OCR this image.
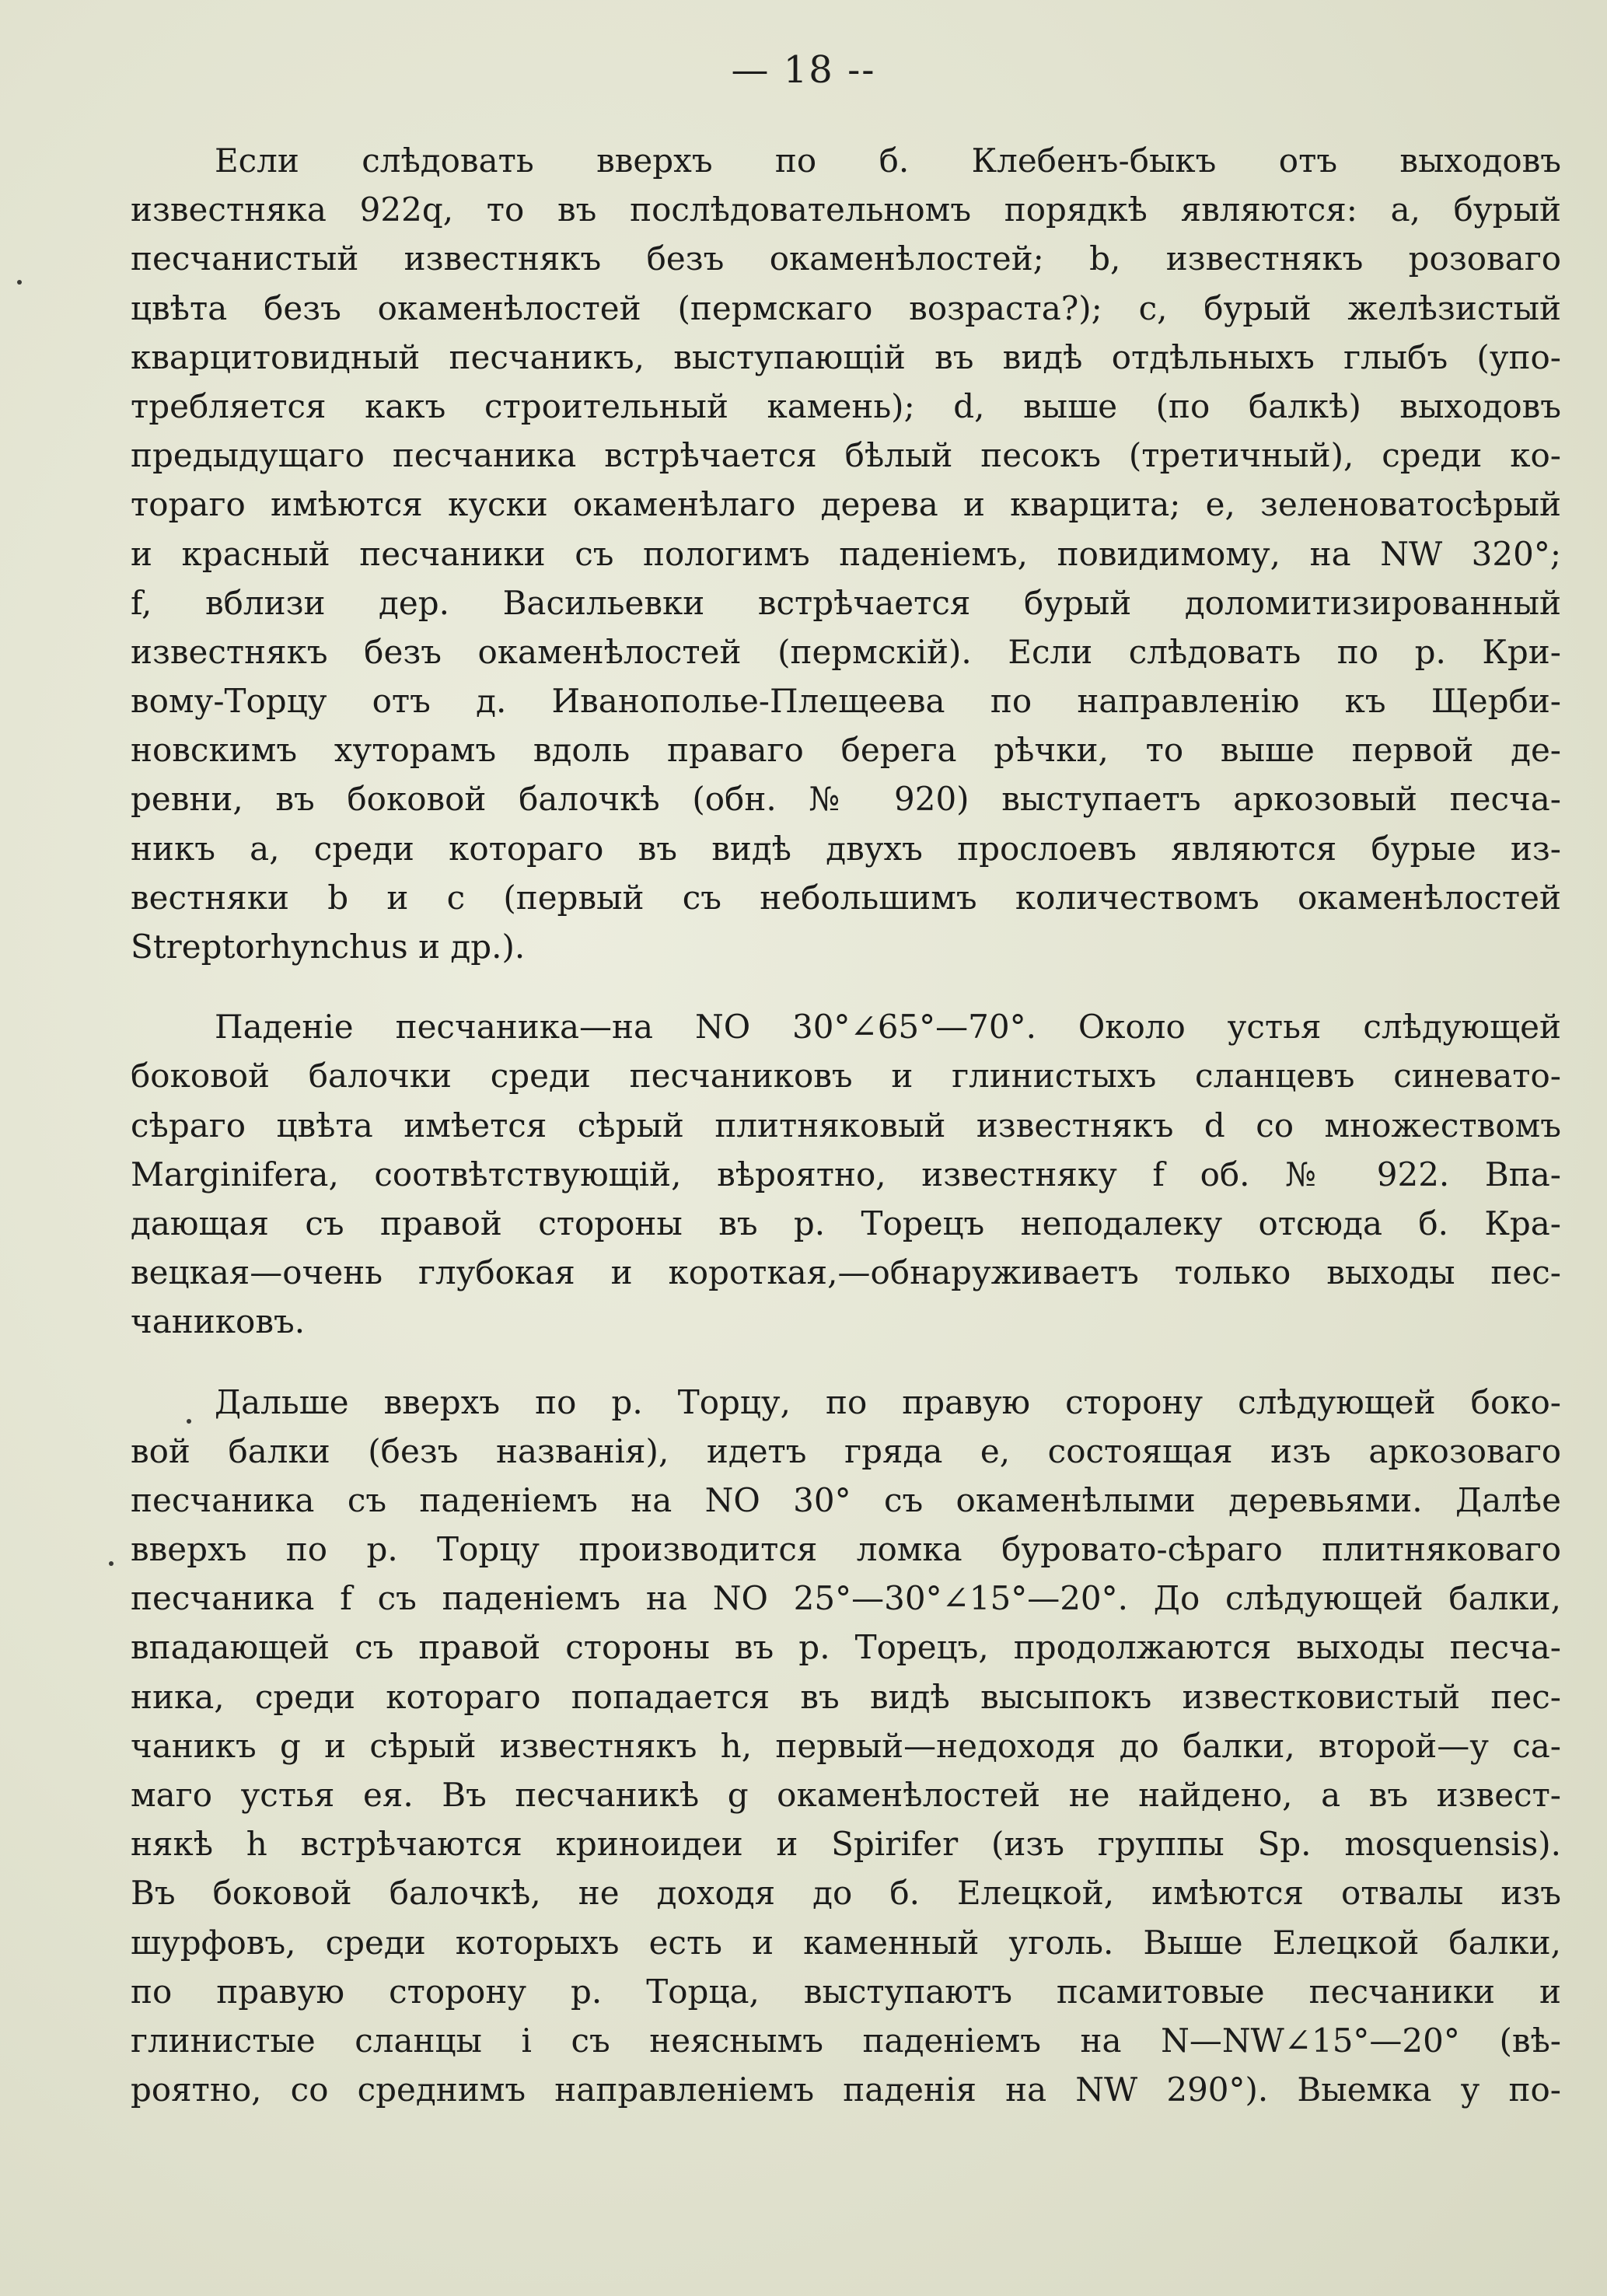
— 18 --
Если слѣдовать вверхъ по б. Клебенъ-быкъ отъ выходовъ
известняка 922q, то въ послѣдовательномъ порядкѣ являются: a, бурый
песчанистый известнякъ безъ окаменѣлостей; b, известнякъ розоваго
цвѣта безъ окаменѣлостей (пермскаго возраста?); c, бурый желѣзистый
кварцитовидный песчаникъ, выступающій въ видѣ отдѣльныхъ глыбъ (упо-
требляется какъ строительный камень); d, выше (по балкѣ) выходовъ
предыдущаго песчаника встрѣчается бѣлый песокъ (третичный), среди ко-
тораго имѣются куски окаменѣлаго дерева и кварцита; e, зеленоватосѣрый
и красный песчаники съ пологимъ паденіемъ, повидимому, на NW 320°;
f, вблизи дер. Васильевки встрѣчается бурый доломитизированный
известнякъ безъ окаменѣлостей (пермскій). Если слѣдовать по р. Кри-
вому-Торцу отъ д. Иванополье-Плещеева по направленію къ Щерби-
новскимъ хуторамъ вдоль праваго берега рѣчки, то выше первой де-
ревни, въ боковой балочкѣ (обн. № 920) выступаетъ аркозовый песча-
никъ a, среди котораго въ видѣ двухъ прослоевъ являются бурые из-
вестняки b и c (первый съ небольшимъ количествомъ окаменѣлостей
Streptorhynchus и др.).
Паденіе песчаника—на NO 30°∠65°—70°. Около устья слѣдующей
боковой балочки среди песчаниковъ и глинистыхъ сланцевъ синевато-
сѣраго цвѣта имѣется сѣрый плитняковый известнякъ d со множествомъ
Marginifera, соотвѣтствующій, вѣроятно, известняку f об. № 922. Впа-
дающая съ правой стороны въ р. Торецъ неподалеку отсюда б. Кра-
вецкая—очень глубокая и короткая,—обнаруживаетъ только выходы пес-
чаниковъ.
Дальше вверхъ по р. Торцу, по правую сторону слѣдующей боко-
вой балки (безъ названія), идетъ гряда e, состоящая изъ аркозоваго
песчаника съ паденіемъ на NO 30° съ окаменѣлыми деревьями. Далѣе
вверхъ по р. Торцу производится ломка буровато-сѣраго плитняковаго
песчаника f съ паденіемъ на NO 25°—30°∠15°—20°. До слѣдующей балки,
впадающей съ правой стороны въ р. Торецъ, продолжаются выходы песча-
ника, среди котораго попадается въ видѣ высыпокъ известковистый пес-
чаникъ g и сѣрый известнякъ h, первый—недоходя до балки, второй—у са-
маго устья ея. Въ песчаникѣ g окаменѣлостей не найдено, а въ извест-
някѣ h встрѣчаются криноидеи и Spirifer (изъ группы Sp. mosquensis).
Въ боковой балочкѣ, не доходя до б. Елецкой, имѣются отвалы изъ
шурфовъ, среди которыхъ есть и каменный уголь. Выше Елецкой балки,
по правую сторону р. Торца, выступаютъ псамитовые песчаники и
глинистые сланцы i съ неяснымъ паденіемъ на N—NW∠15°—20° (вѣ-
роятно, со среднимъ направленіемъ паденія на NW 290°). Выемка у по-
